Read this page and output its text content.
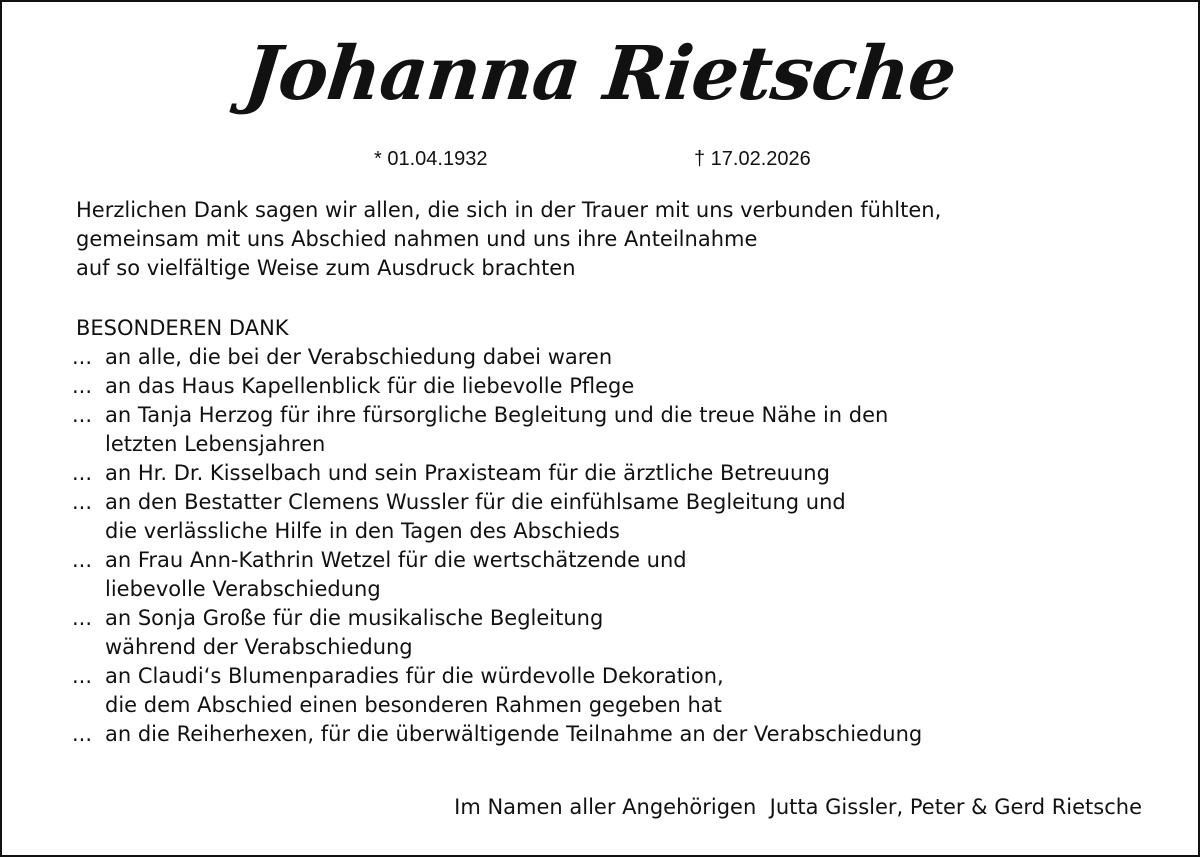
Johanna Rietsche
* 01.04.1932	† 17.02.2026
Herzlichen Dank sagen wir allen, die sich in der Trauer mit uns verbunden fühlten,
gemeinsam mit uns Abschied nahmen und uns ihre Anteilnahme
auf so vielfältige Weise zum Ausdruck brachten
BESONDEREN DANK
... an alle, die bei der Verabschiedung dabei waren
... an das Haus Kapellenblick für die liebevolle Pflege
... an Tanja Herzog für ihre fürsorgliche Begleitung und die treue Nähe in den
letzten Lebensjahren
... an Hr. Dr. Kisselbach und sein Praxisteam für die ärztliche Betreuung
... an den Bestatter Clemens Wussler für die einfühlsame Begleitung und
die verlässliche Hilfe in den Tagen des Abschieds
... an Frau Ann-Kathrin Wetzel für die wertschätzende und
liebevolle Verabschiedung
... an Sonja Große für die musikalische Begleitung
während der Verabschiedung
... an Claudi‘s Blumenparadies für die würdevolle Dekoration,
die dem Abschied einen besonderen Rahmen gegeben hat
... an die Reiherhexen, für die überwältigende Teilnahme an der Verabschiedung
Im Namen aller Angehörigen Jutta Gissler, Peter & Gerd Rietsche
